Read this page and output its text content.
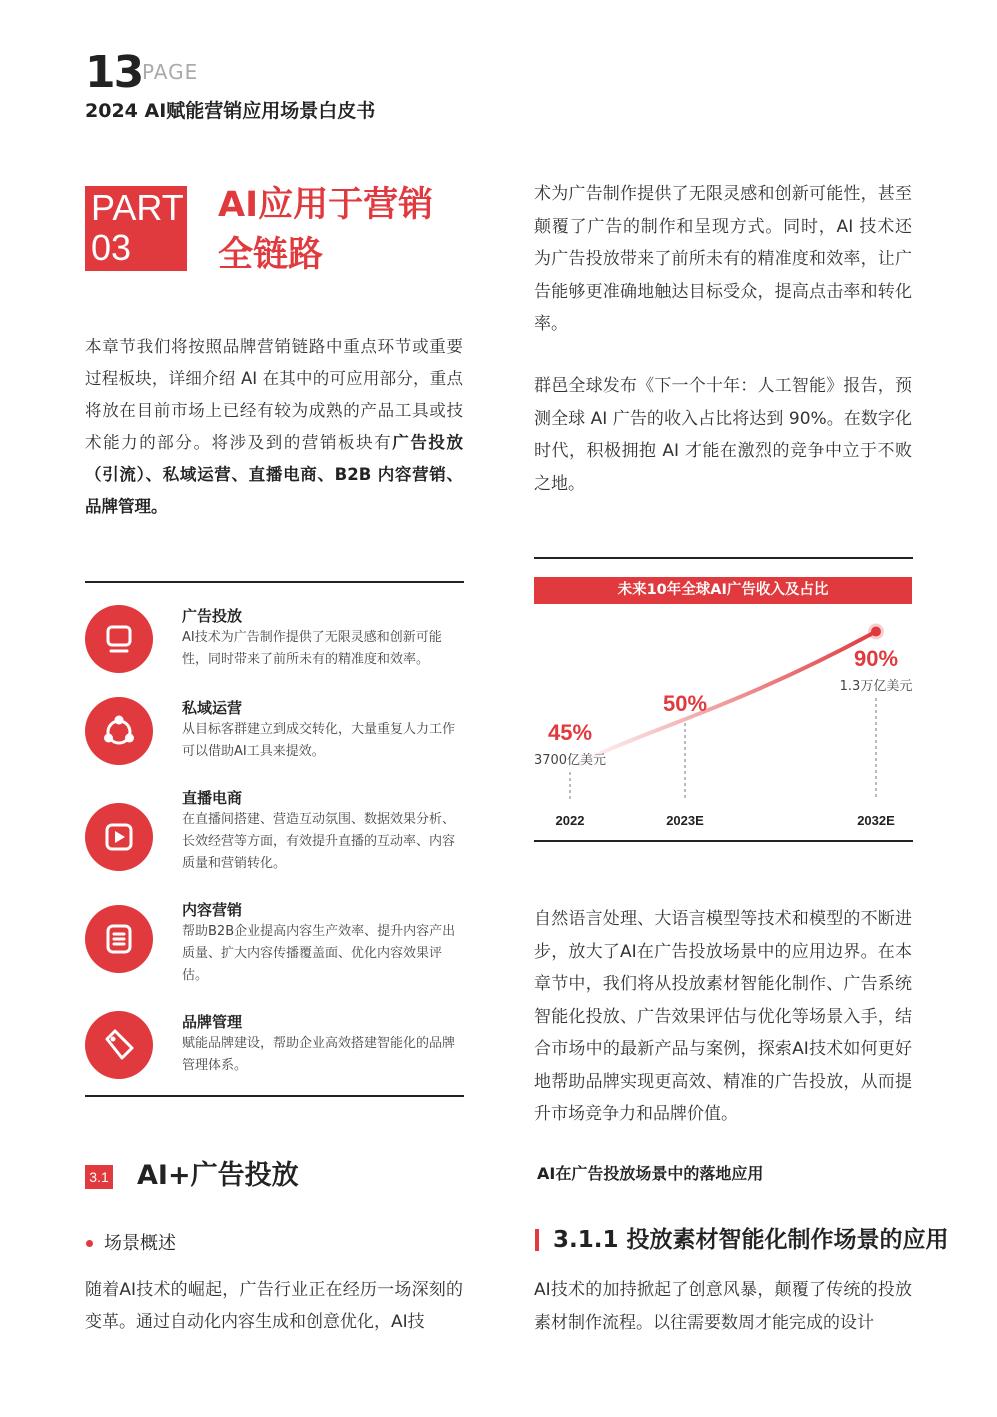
13 PAGE
2024 AI赋能营销应用场景白皮书
PART
03
AI应用于营销
全链路
本章节我们将按照品牌营销链路中重点环节或重要过程板块，详细介绍 AI 在其中的可应用部分，重点将放在目前市场上已经有较为成熟的产品工具或技术能力的部分。将涉及到的营销板块有广告投放（引流）、私域运营、直播电商、B2B 内容营销、品牌管理。
广告投放
AI技术为广告制作提供了无限灵感和创新可能性，同时带来了前所未有的精准度和效率。
私域运营
从目标客群建立到成交转化，大量重复人力工作可以借助AI工具来提效。
直播电商
在直播间搭建、营造互动氛围、数据效果分析、长效经营等方面，有效提升直播的互动率、内容质量和营销转化。
内容营销
帮助B2B企业提高内容生产效率、提升内容产出质量、扩大内容传播覆盖面、优化内容效果评估。
品牌管理
赋能品牌建设，帮助企业高效搭建智能化的品牌管理体系。
3.1 AI+广告投放
场景概述
随着AI技术的崛起，广告行业正在经历一场深刻的变革。通过自动化内容生成和创意优化，AI技
术为广告制作提供了无限灵感和创新可能性，甚至颠覆了广告的制作和呈现方式。同时，AI 技术还为广告投放带来了前所未有的精准度和效率，让广告能够更准确地触达目标受众，提高点击率和转化率。
群邑全球发布《下一个十年：人工智能》报告，预测全球 AI 广告的收入占比将达到 90%。在数字化时代，积极拥抱 AI 才能在激烈的竞争中立于不败之地。
未来10年全球AI广告收入及占比
45%
3700亿美元
2022
50%
2023E
90%
1.3万亿美元
2032E
自然语言处理、大语言模型等技术和模型的不断进步，放大了AI在广告投放场景中的应用边界。在本章节中，我们将从投放素材智能化制作、广告系统智能化投放、广告效果评估与优化等场景入手，结合市场中的最新产品与案例，探索AI技术如何更好地帮助品牌实现更高效、精准的广告投放，从而提升市场竞争力和品牌价值。
AI在广告投放场景中的落地应用
3.1.1 投放素材智能化制作场景的应用
AI技术的加持掀起了创意风暴，颠覆了传统的投放素材制作流程。以往需要数周才能完成的设计
